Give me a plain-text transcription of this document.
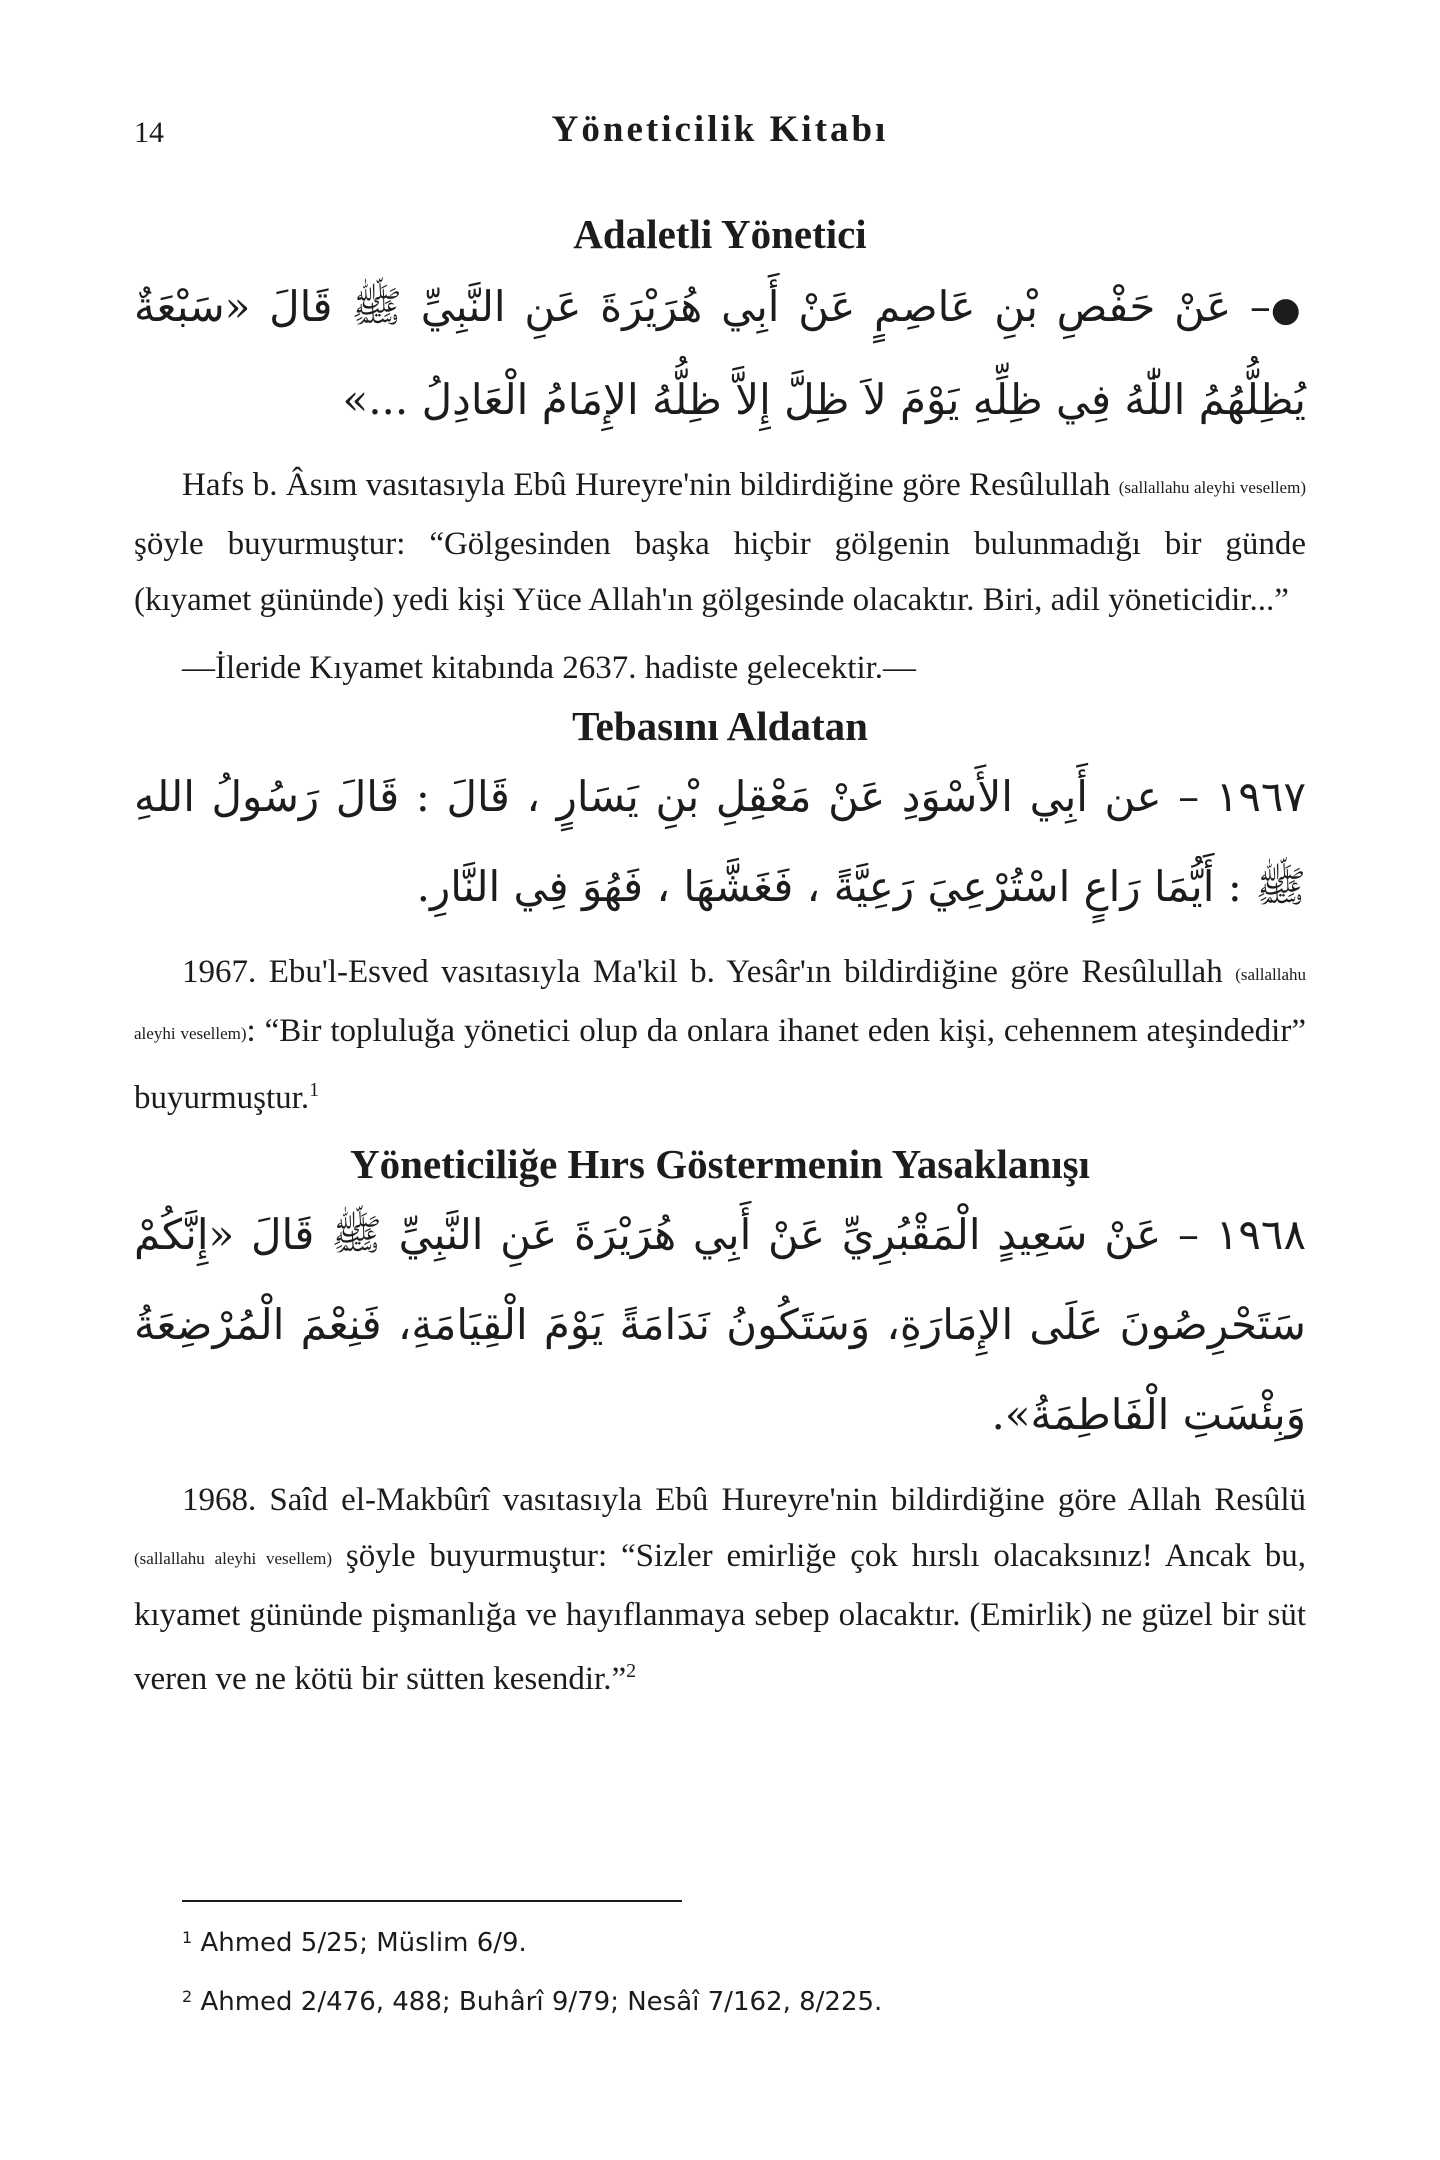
14	Yöneticilik Kitabı
Adaletli Yönetici

●– عَنْ حَفْصِ بْنِ عَاصِمٍ عَنْ أَبِي هُرَيْرَةَ عَنِ النَّبِيِّ ﷺ قَالَ «سَبْعَةٌ يُظِلُّهُمُ اللّٰهُ فِي ظِلِّهِ يَوْمَ لاَ ظِلَّ إِلاَّ ظِلُّهُ الإِمَامُ الْعَادِلُ ...»

Hafs b. Âsım vasıtasıyla Ebû Hureyre'nin bildirdiğine göre Resûlullah (sallallahu aleyhi vesellem) şöyle buyurmuştur: “Gölgesinden başka hiçbir gölgenin bulunmadığı bir günde (kıyamet gününde) yedi kişi Yüce Allah'ın gölgesinde olacaktır. Biri, adil yöneticidir...”

—İleride Kıyamet kitabında 2637. hadiste gelecektir.—

Tebasını Aldatan

١٩٦٧ – عن أَبِي الأَسْوَدِ عَنْ مَعْقِلِ بْنِ يَسَارٍ ، قَالَ : قَالَ رَسُولُ اللهِ ﷺ : أَيُّمَا رَاعٍ اسْتُرْعِيَ رَعِيَّةً ، فَغَشَّهَا ، فَهُوَ فِي النَّارِ.

1967. Ebu'l-Esved vasıtasıyla Ma'kil b. Yesâr'ın bildirdiğine göre Resûlullah (sallallahu aleyhi vesellem): “Bir topluluğa yönetici olup da onlara ihanet eden kişi, cehennem ateşindedir” buyurmuştur.$^1$

Yöneticiliğe Hırs Göstermenin Yasaklanışı

١٩٦٨ – عَنْ سَعِيدٍ الْمَقْبُرِيِّ عَنْ أَبِي هُرَيْرَةَ عَنِ النَّبِيِّ ﷺ قَالَ «إِنَّكُمْ سَتَحْرِصُونَ عَلَى الإِمَارَةِ، وَسَتَكُونُ نَدَامَةً يَوْمَ الْقِيَامَةِ، فَنِعْمَ الْمُرْضِعَةُ وَبِئْسَتِ الْفَاطِمَةُ».

1968. Saîd el-Makbûrî vasıtasıyla Ebû Hureyre'nin bildirdiğine göre Allah Resûlü (sallallahu aleyhi vesellem) şöyle buyurmuştur: “Sizler emirliğe çok hırslı olacaksınız! Ancak bu, kıyamet gününde pişmanlığa ve hayıflanmaya sebep olacaktır. (Emirlik) ne güzel bir süt veren ve ne kötü bir sütten kesendir.”$^2$

$^1$ Ahmed 5/25; Müslim 6/9.

$^2$ Ahmed 2/476, 488; Buhârî 9/79; Nesâî 7/162, 8/225.
